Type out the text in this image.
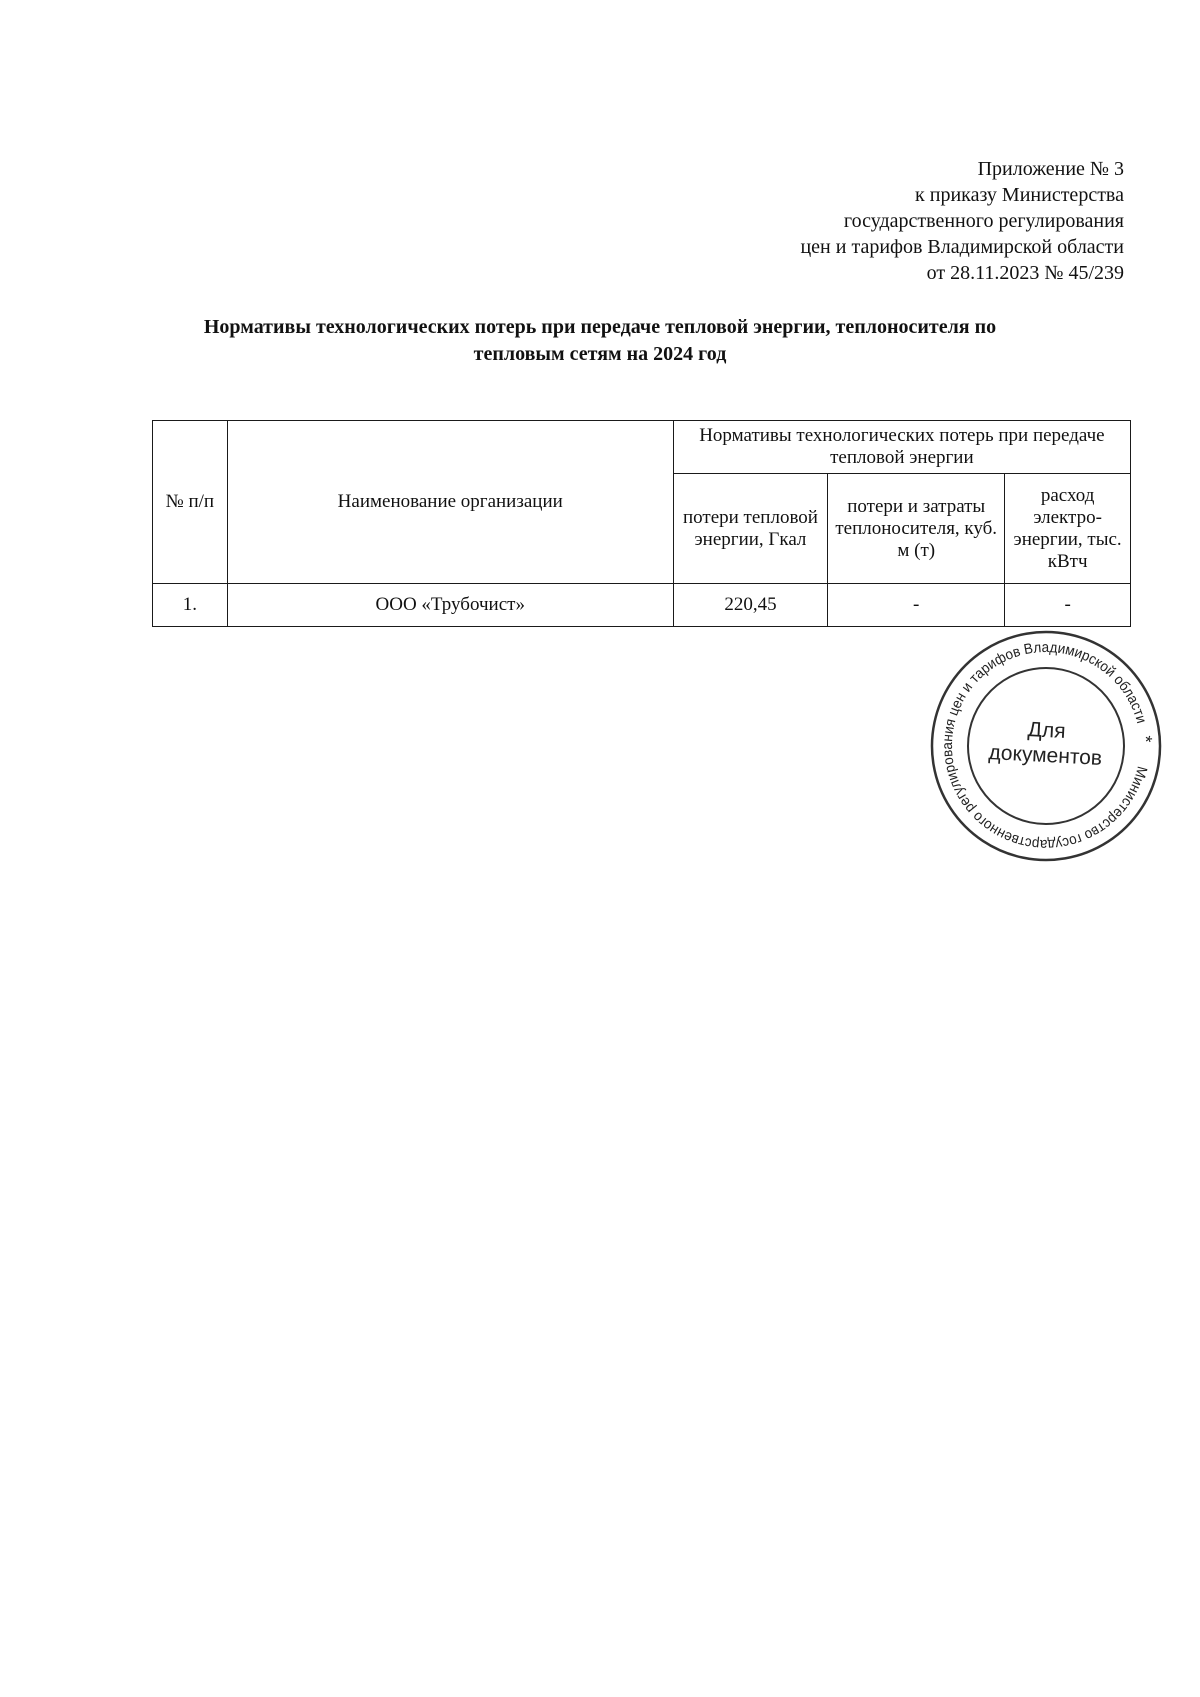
Приложение № 3
к приказу Министерства
государственного регулирования
цен и тарифов Владимирской области
от 28.11.2023 № 45/239
Нормативы технологических потерь при передаче тепловой энергии, теплоносителя по
тепловым сетям на 2024 год
№ п/п	Наименование организации	Нормативы технологических потерь при передаче тепловой энергии		
		потери тепловой энергии, Гкал	потери и затраты теплоносителя, куб. м (т)	расход электро-энергии, тыс. кВтч
1.	ООО «Трубочист»	220,45	-	-
Министерство государственного регулирования цен и тарифов Владимирской области
*
Для
документов
